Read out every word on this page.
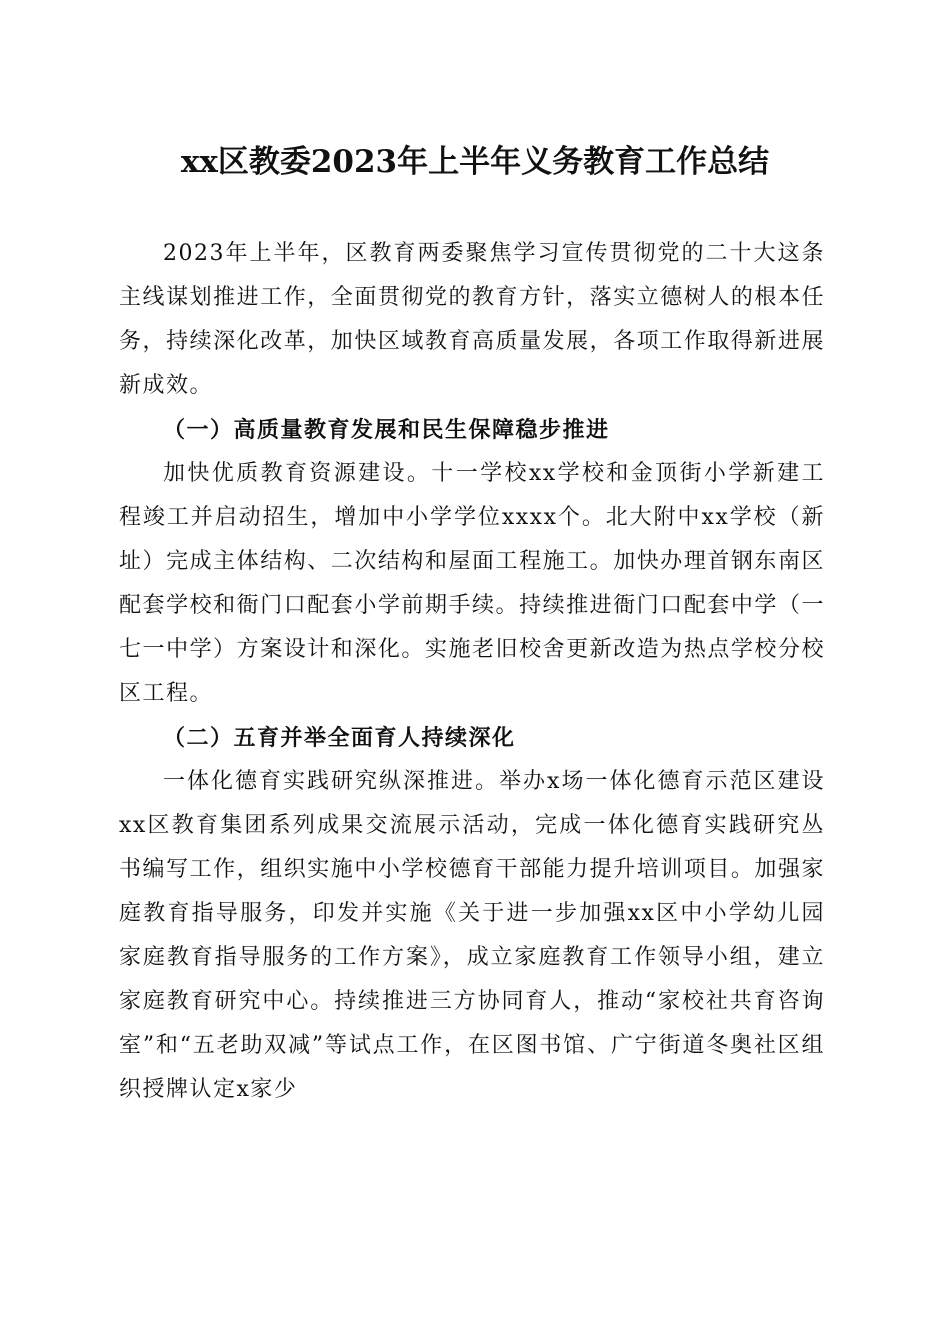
xx区教委2023年上半年义务教育工作总结

2023年上半年，区教育两委聚焦学习宣传贯彻党的二十大这条主线谋划推进工作，全面贯彻党的教育方针，落实立德树人的根本任务，持续深化改革，加快区域教育高质量发展，各项工作取得新进展新成效。

（一）高质量教育发展和民生保障稳步推进

加快优质教育资源建设。十一学校xx学校和金顶街小学新建工程竣工并启动招生，增加中小学学位xxxx个。北大附中xx学校（新址）完成主体结构、二次结构和屋面工程施工。加快办理首钢东南区配套学校和衙门口配套小学前期手续。持续推进衙门口配套中学（一七一中学）方案设计和深化。实施老旧校舍更新改造为热点学校分校区工程。

（二）五育并举全面育人持续深化

一体化德育实践研究纵深推进。举办x场一体化德育示范区建设xx区教育集团系列成果交流展示活动，完成一体化德育实践研究丛书编写工作，组织实施中小学校德育干部能力提升培训项目。加强家庭教育指导服务，印发并实施《关于进一步加强xx区中小学幼儿园家庭教育指导服务的工作方案》，成立家庭教育工作领导小组，建立家庭教育研究中心。持续推进三方协同育人，推动“家校社共育咨询室”和“五老助双减”等试点工作，在区图书馆、广宁街道冬奥社区组织授牌认定x家少
